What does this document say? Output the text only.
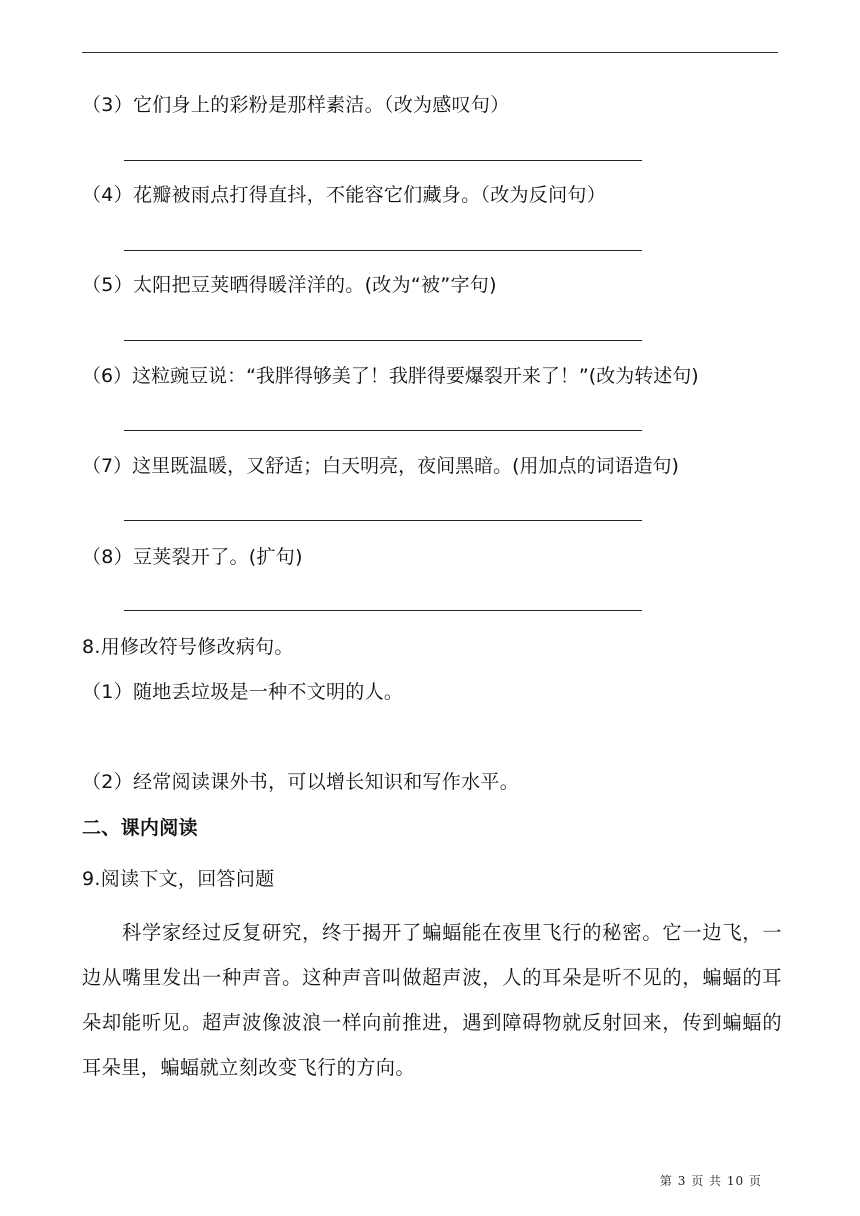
（3）它们身上的彩粉是那样素洁。（改为感叹句）
（4）花瓣被雨点打得直抖，不能容它们藏身。（改为反问句）
（5）太阳把豆荚晒得暖洋洋的。(改为“被”字句)
（6）这粒豌豆说：“我胖得够美了！我胖得要爆裂开来了！”(改为转述句)
（7）这里既温暖，又舒适；白天明亮，夜间黑暗。(用加点的词语造句)
（8）豆荚裂开了。(扩句)
8.用修改符号修改病句。
（1）随地丢垃圾是一种不文明的人。
（2）经常阅读课外书，可以增长知识和写作水平。
二、课内阅读
9.阅读下文，回答问题
科学家经过反复研究，终于揭开了蝙蝠能在夜里飞行的秘密。它一边飞，一边从嘴里发出一种声音。这种声音叫做超声波，人的耳朵是听不见的，蝙蝠的耳朵却能听见。超声波像波浪一样向前推进，遇到障碍物就反射回来，传到蝙蝠的耳朵里，蝙蝠就立刻改变飞行的方向。
第 3 页 共 10 页
